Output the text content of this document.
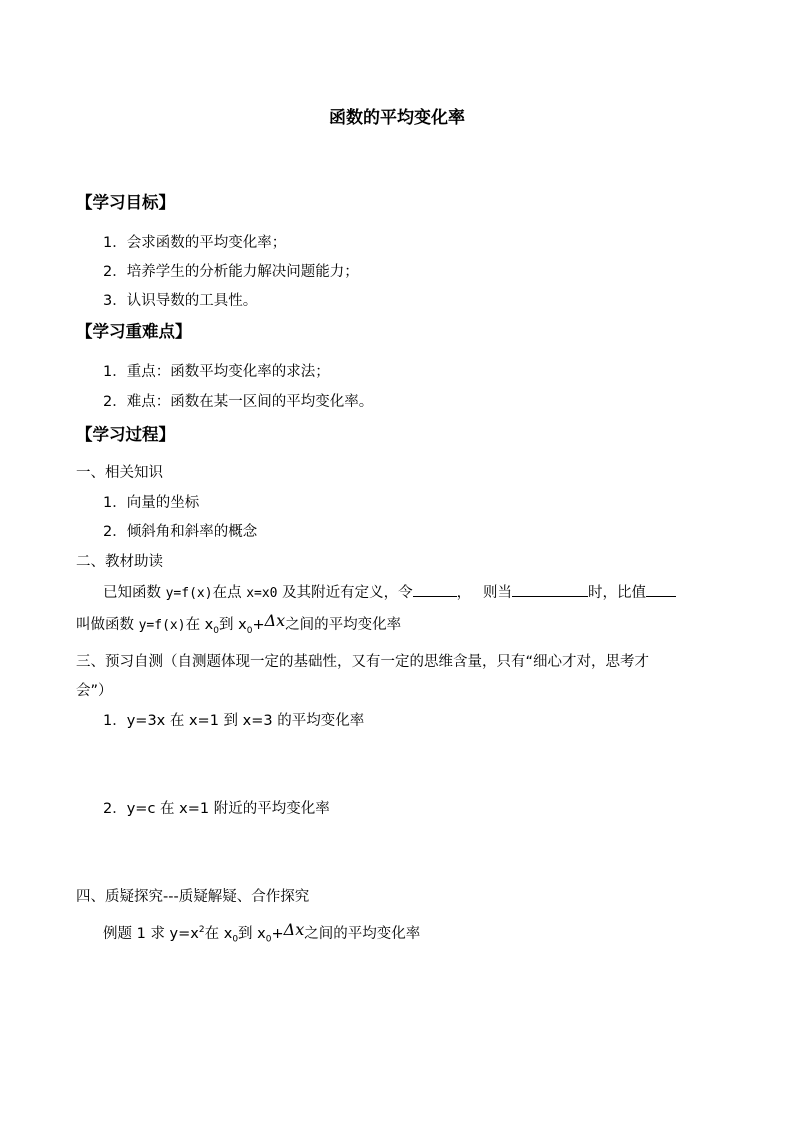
函数的平均变化率
【学习目标】
1．会求函数的平均变化率；
2．培养学生的分析能力解决问题能力；
3．认识导数的工具性。
【学习重难点】
1．重点：函数平均变化率的求法；
2．难点：函数在某一区间的平均变化率。
【学习过程】
一、相关知识
1．向量的坐标
2．倾斜角和斜率的概念
二、教材助读
已知函数 y=f(x)在点 x=x0 及其附近有定义，令	，　 则当	时，比值
叫做函数 y=f(x)在 $x_0$到 $x_0+\Delta x$之间的平均变化率
三、预习自测（自测题体现一定的基础性，又有一定的思维含量，只有“细心才对，思考才
会”）
1．y=3x 在 x=1 到 x=3 的平均变化率
2．y=c 在 x=1 附近的平均变化率
四、质疑探究---质疑解疑、合作探究
例题 1 求 $y=x^2$在 $x_0$到 $x_0+\Delta x$之间的平均变化率
